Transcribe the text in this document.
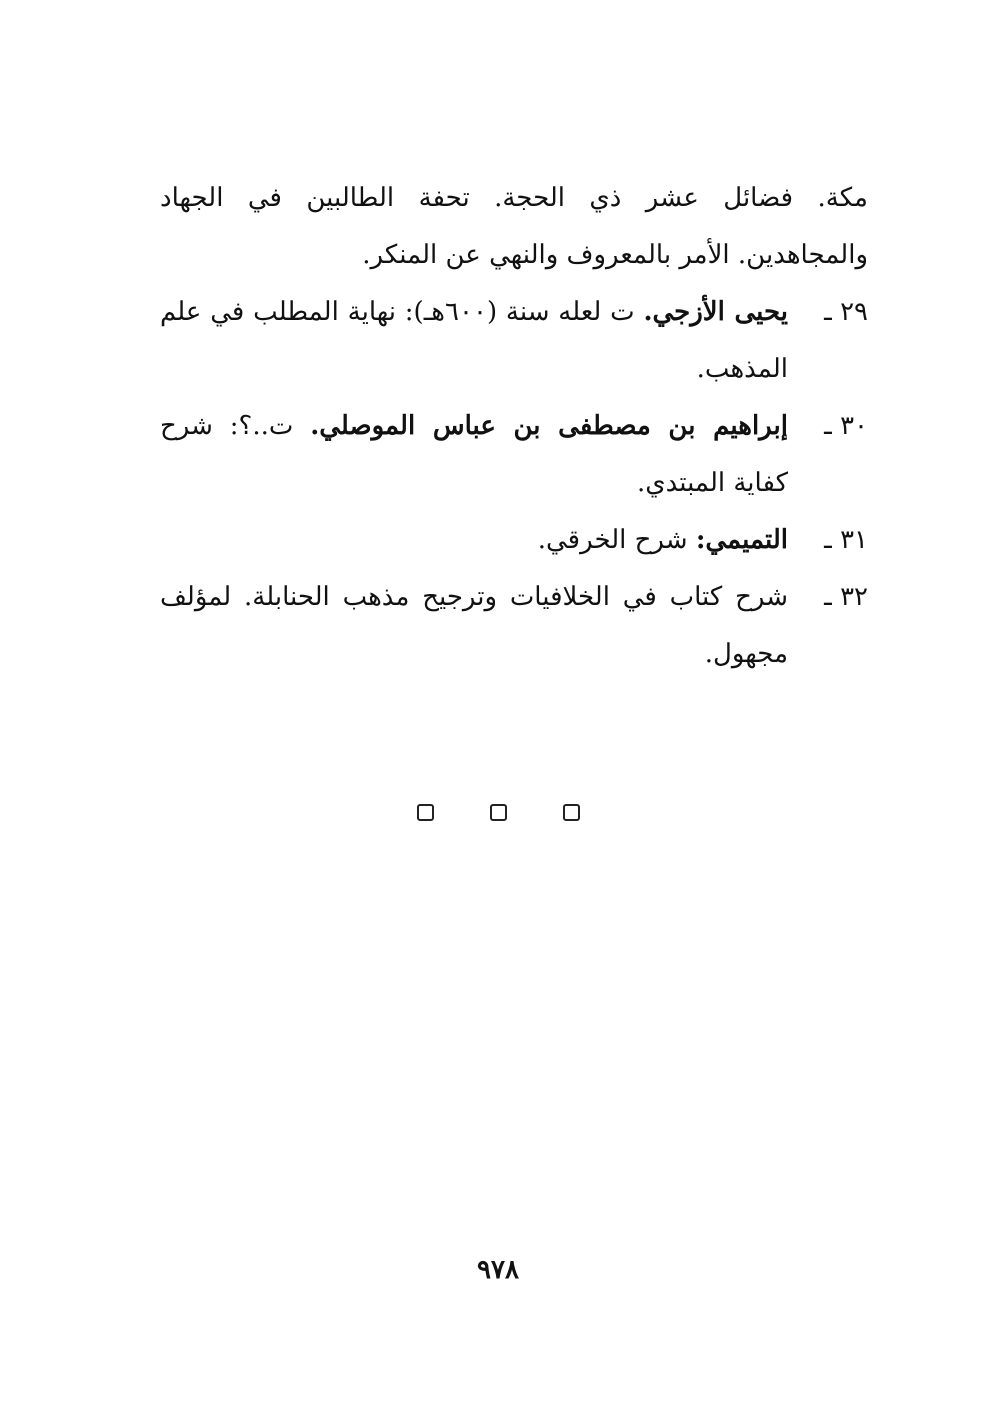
مكة. فضائل عشر ذي الحجة. تحفة الطالبين في الجهاد والمجاهدين. الأمر بالمعروف والنهي عن المنكر.

٢٩ ـ
يحيى الأزجي. ت لعله سنة (٦٠٠هـ): نهاية المطلب في علم المذهب.
٣٠ ـ
إبراهيم بن مصطفى بن عباس الموصلي. ت..؟: شرح كفاية المبتدي.
٣١ ـ
التميمي: شرح الخرقي.
٣٢ ـ
شرح كتاب في الخلافيات وترجيح مذهب الحنابلة. لمؤلف مجهول.
٩٧٨
